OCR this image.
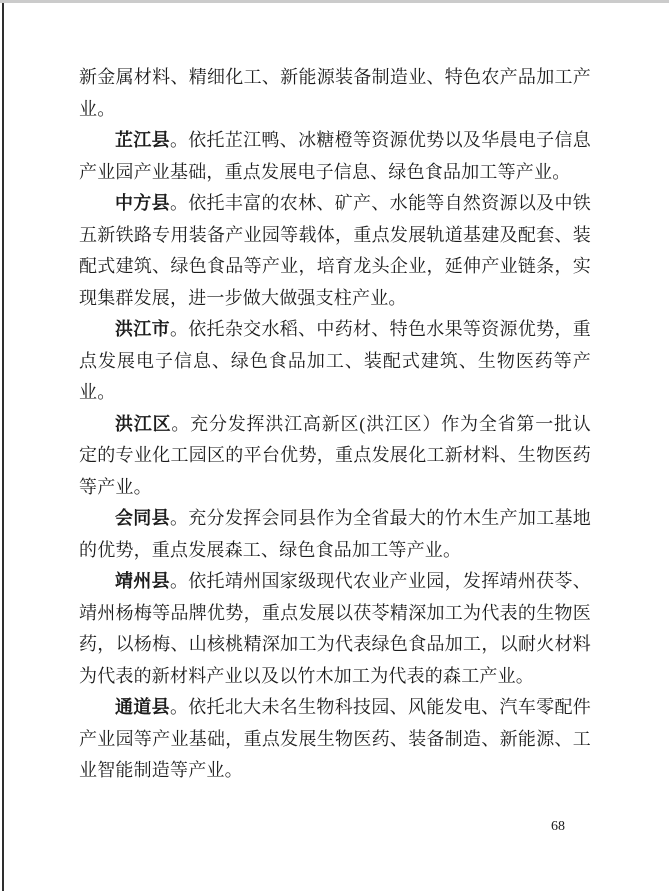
新金属材料、精细化工、新能源装备制造业、特色农产品加工产业。

芷江县。依托芷江鸭、冰糖橙等资源优势以及华晨电子信息产业园产业基础，重点发展电子信息、绿色食品加工等产业。

中方县。依托丰富的农林、矿产、水能等自然资源以及中铁五新铁路专用装备产业园等载体，重点发展轨道基建及配套、装配式建筑、绿色食品等产业，培育龙头企业，延伸产业链条，实现集群发展，进一步做大做强支柱产业。

洪江市。依托杂交水稻、中药材、特色水果等资源优势，重点发展电子信息、绿色食品加工、装配式建筑、生物医药等产业。

洪江区。充分发挥洪江高新区(洪江区）作为全省第一批认定的专业化工园区的平台优势，重点发展化工新材料、生物医药等产业。

会同县。充分发挥会同县作为全省最大的竹木生产加工基地的优势，重点发展森工、绿色食品加工等产业。

靖州县。依托靖州国家级现代农业产业园，发挥靖州茯苓、靖州杨梅等品牌优势，重点发展以茯苓精深加工为代表的生物医药，以杨梅、山核桃精深加工为代表绿色食品加工，以耐火材料为代表的新材料产业以及以竹木加工为代表的森工产业。

通道县。依托北大未名生物科技园、风能发电、汽车零配件产业园等产业基础，重点发展生物医药、装备制造、新能源、工业智能制造等产业。

68
